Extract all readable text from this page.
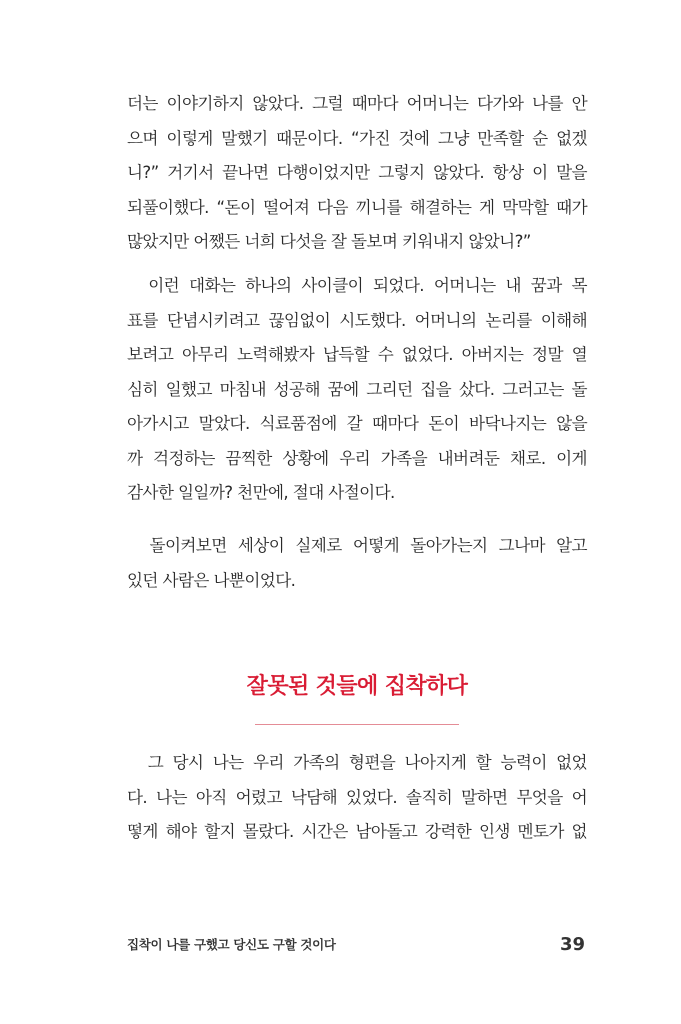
더는 이야기하지 않았다. 그럴 때마다 어머니는 다가와 나를 안
으며 이렇게 말했기 때문이다. “가진 것에 그냥 만족할 순 없겠
니?” 거기서 끝나면 다행이었지만 그렇지 않았다. 항상 이 말을
되풀이했다. “돈이 떨어져 다음 끼니를 해결하는 게 막막할 때가
많았지만 어쨌든 너희 다섯을 잘 돌보며 키워내지 않았니?”
　이런 대화는 하나의 사이클이 되었다. 어머니는 내 꿈과 목
표를 단념시키려고 끊임없이 시도했다. 어머니의 논리를 이해해
보려고 아무리 노력해봤자 납득할 수 없었다. 아버지는 정말 열
심히 일했고 마침내 성공해 꿈에 그리던 집을 샀다. 그러고는 돌
아가시고 말았다. 식료품점에 갈 때마다 돈이 바닥나지는 않을
까 걱정하는 끔찍한 상황에 우리 가족을 내버려둔 채로. 이게
감사한 일일까? 천만에, 절대 사절이다.
　돌이켜보면 세상이 실제로 어떻게 돌아가는지 그나마 알고
있던 사람은 나뿐이었다.
잘못된 것들에 집착하다
　그 당시 나는 우리 가족의 형편을 나아지게 할 능력이 없었
다. 나는 아직 어렸고 낙담해 있었다. 솔직히 말하면 무엇을 어
떻게 해야 할지 몰랐다. 시간은 남아돌고 강력한 인생 멘토가 없
집착이 나를 구했고 당신도 구할 것이다	39
